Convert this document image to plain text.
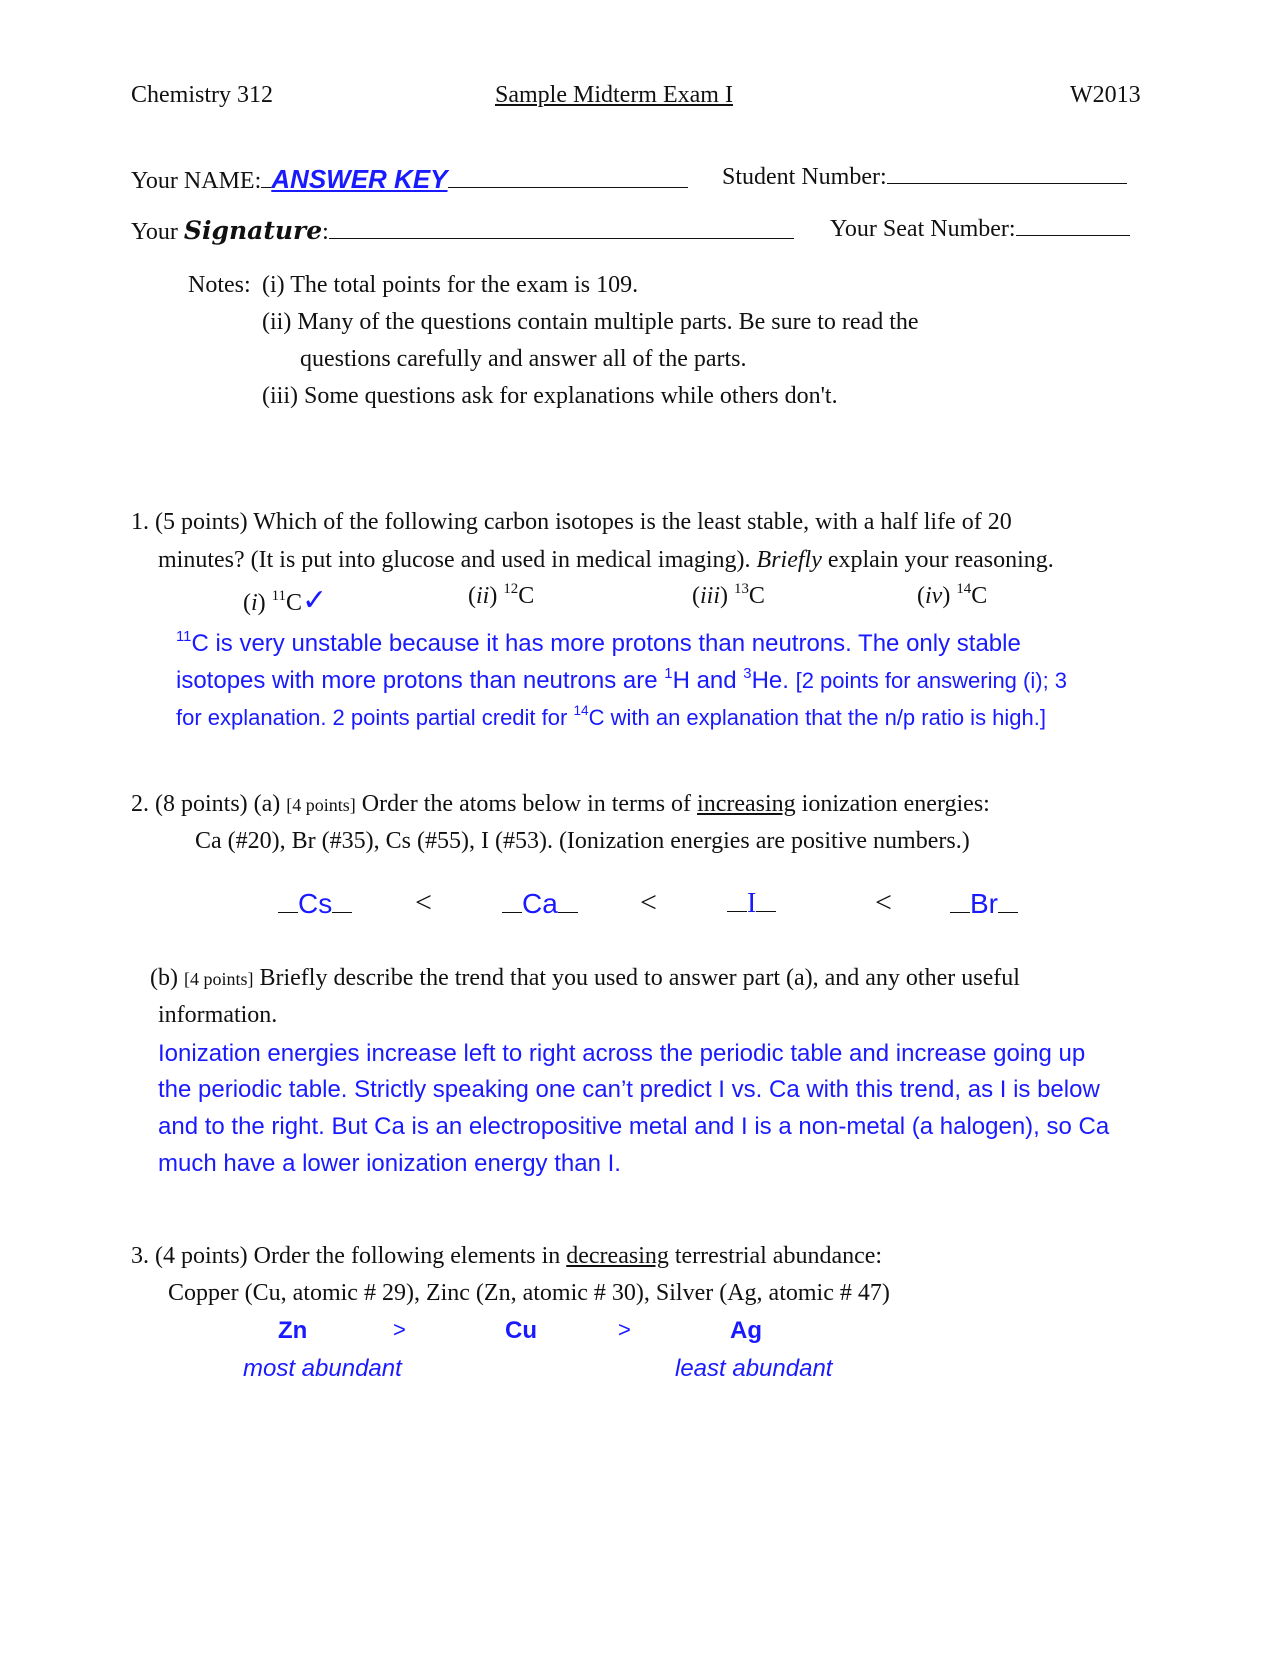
Chemistry 312	Sample Midterm Exam I	W2013
Your NAME: ANSWER KEY	Student Number:
Your Signature:	Your Seat Number:
Notes: (i) The total points for the exam is 109.
(ii) Many of the questions contain multiple parts. Be sure to read the
questions carefully and answer all of the parts.
(iii) Some questions ask for explanations while others don't.
1. (5 points) Which of the following carbon isotopes is the least stable, with a half life of 20
minutes? (It is put into glucose and used in medical imaging). Briefly explain your reasoning.
(i) $^{11}$C✓	(ii) $^{12}$C	(iii) $^{13}$C	(iv) $^{14}$C
$^{11}$C is very unstable because it has more protons than neutrons. The only stable
isotopes with more protons than neutrons are $^1$H and $^3$He. [2 points for answering (i); 3
for explanation. 2 points partial credit for $^{14}$C with an explanation that the n/p ratio is high.]
2. (8 points) (a) [4 points] Order the atoms below in terms of increasing ionization energies:
Ca (#20), Br (#35), Cs (#55), I (#53). (Ionization energies are positive numbers.)
Cs	<	Ca	<	I	<	Br
(b) [4 points] Briefly describe the trend that you used to answer part (a), and any other useful
information.
Ionization energies increase left to right across the periodic table and increase going up
the periodic table. Strictly speaking one can’t predict I vs. Ca with this trend, as I is below
and to the right. But Ca is an electropositive metal and I is a non-metal (a halogen), so Ca
much have a lower ionization energy than I.
3. (4 points) Order the following elements in decreasing terrestrial abundance:
Copper (Cu, atomic # 29), Zinc (Zn, atomic # 30), Silver (Ag, atomic # 47)
Zn	>	Cu	>	Ag
most abundant	least abundant
